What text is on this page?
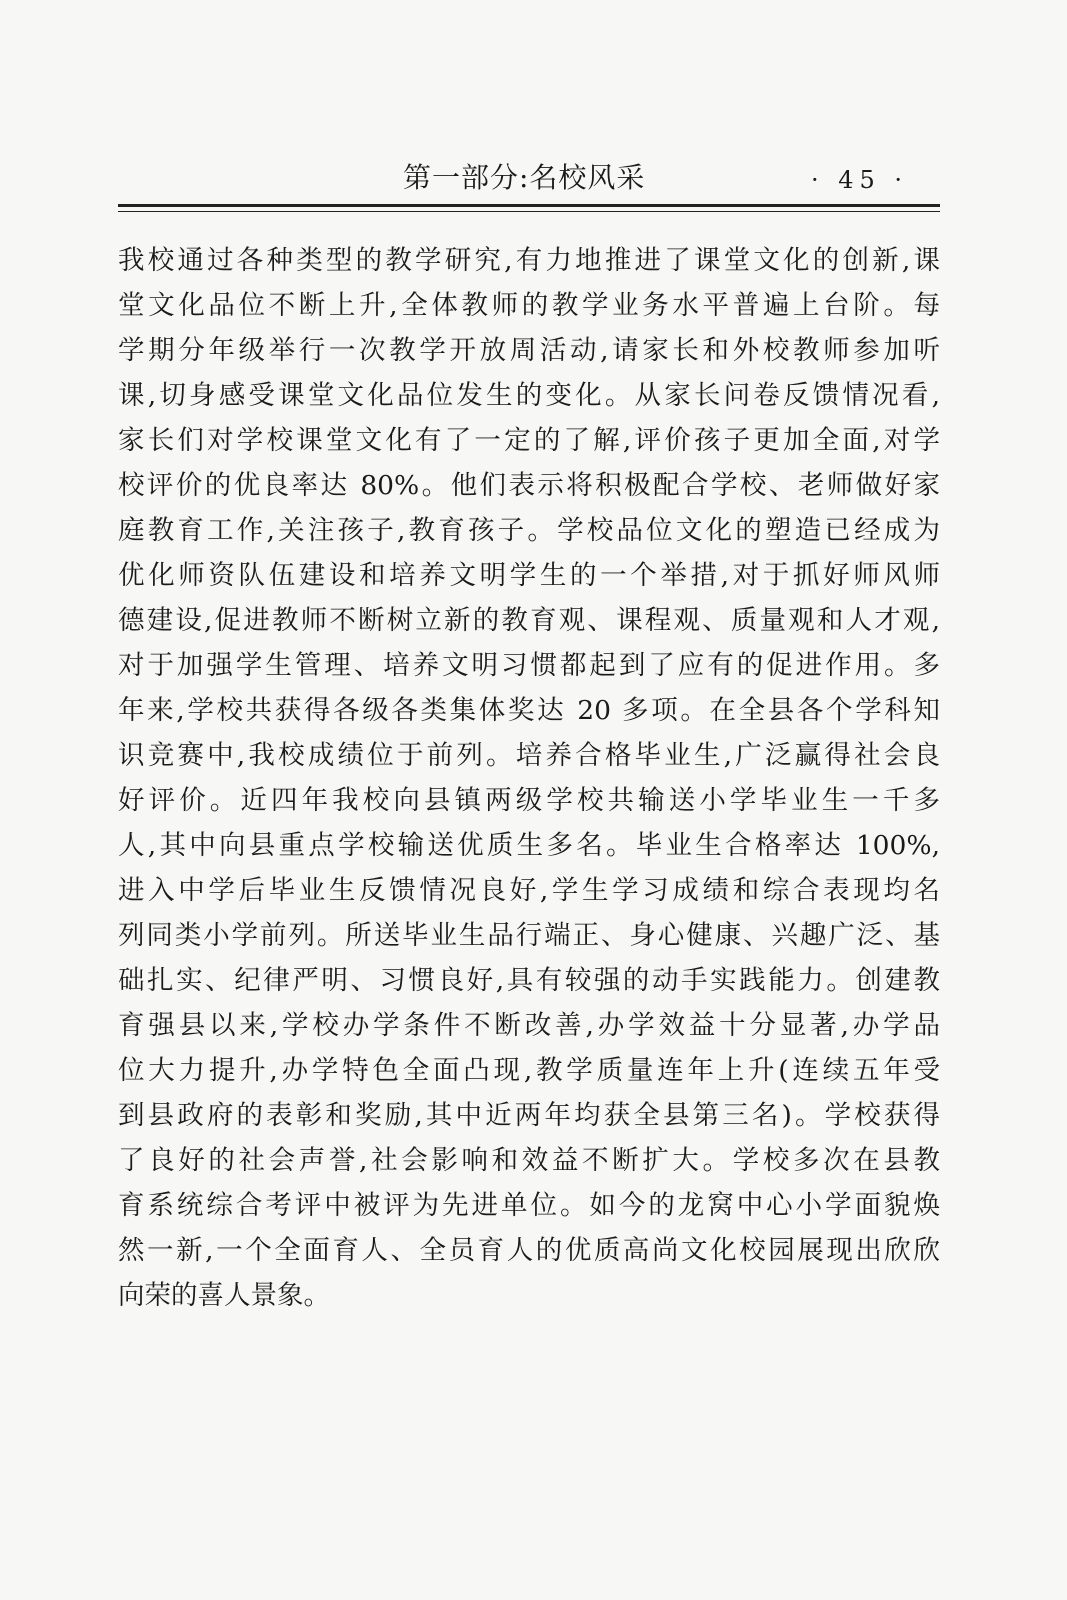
第一部分:名校风采	· 45 ·
我校通过各种类型的教学研究,有力地推进了课堂文化的创新,课
堂文化品位不断上升,全体教师的教学业务水平普遍上台阶。每
学期分年级举行一次教学开放周活动,请家长和外校教师参加听
课,切身感受课堂文化品位发生的变化。从家长问卷反馈情况看,
家长们对学校课堂文化有了一定的了解,评价孩子更加全面,对学
校评价的优良率达 80%。他们表示将积极配合学校、老师做好家
庭教育工作,关注孩子,教育孩子。学校品位文化的塑造已经成为
优化师资队伍建设和培养文明学生的一个举措,对于抓好师风师
德建设,促进教师不断树立新的教育观、课程观、质量观和人才观,
对于加强学生管理、培养文明习惯都起到了应有的促进作用。多
年来,学校共获得各级各类集体奖达 20 多项。在全县各个学科知
识竞赛中,我校成绩位于前列。培养合格毕业生,广泛赢得社会良
好评价。近四年我校向县镇两级学校共输送小学毕业生一千多
人,其中向县重点学校输送优质生多名。毕业生合格率达 100%,
进入中学后毕业生反馈情况良好,学生学习成绩和综合表现均名
列同类小学前列。所送毕业生品行端正、身心健康、兴趣广泛、基
础扎实、纪律严明、习惯良好,具有较强的动手实践能力。创建教
育强县以来,学校办学条件不断改善,办学效益十分显著,办学品
位大力提升,办学特色全面凸现,教学质量连年上升(连续五年受
到县政府的表彰和奖励,其中近两年均获全县第三名)。学校获得
了良好的社会声誉,社会影响和效益不断扩大。学校多次在县教
育系统综合考评中被评为先进单位。如今的龙窝中心小学面貌焕
然一新,一个全面育人、全员育人的优质高尚文化校园展现出欣欣
向荣的喜人景象。
